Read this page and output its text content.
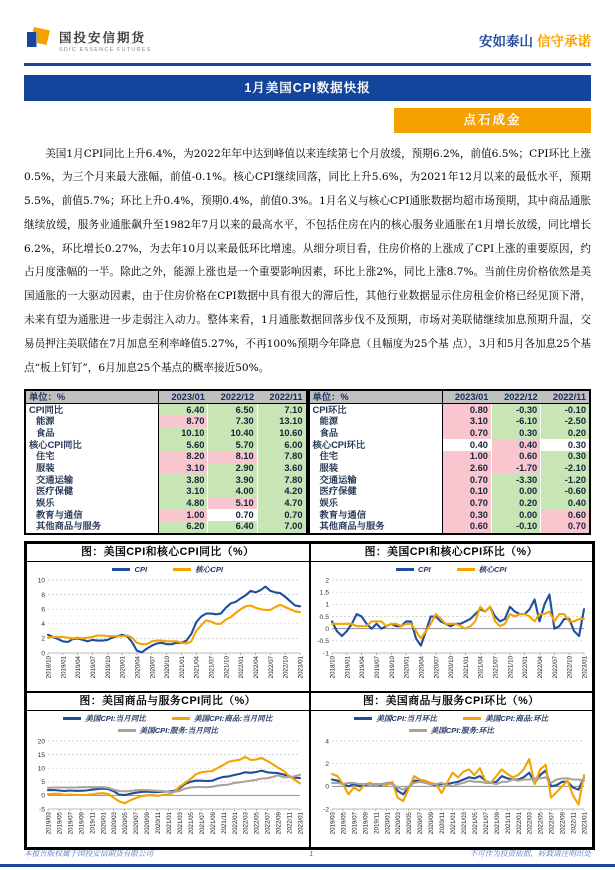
国投安信期货
SDIC ESSENCE FUTURES
安如泰山 信守承诺
1月美国CPI数据快报
点石成金

美国1月CPI同比上升6.4%，为2022年年中达到峰值以来连续第七个月放缓，预期6.2%，前值6.5%；CPI环比上涨0.5%，为三个月来最大涨幅，前值-0.1%。核心CPI继续回落，同比上升5.6%，为2021年12月以来的最低水平，预期5.5%，前值5.7%；环比上升0.4%，预期0.4%，前值0.3%。1月名义与核心CPI通胀数据均超市场预期，其中商品通胀继续放缓，服务业通胀飙升至1982年7月以来的最高水平，不包括住房在内的核心服务业通胀在1月增长放缓，同比增长6.2%，环比增长0.27%，为去年10月以来最低环比增速。从细分项目看，住房价格的上涨成了CPI上涨的重要原因，约占月度涨幅的一半。除此之外，能源上涨也是一个重要影响因素，环比上涨2%，同比上涨8.7%。当前住房价格依然是美国通胀的一大驱动因素，由于住房价格在CPI数据中具有很大的滞后性，其他行业数据显示住房租金价格已经见顶下滑，未来有望为通胀进一步走弱注入动力。整体来看，1月通胀数据回落步伐不及预期，市场对美联储继续加息预期升温，交易员押注美联储在7月加息至利率峰值5.27%，不再100%预期今年降息（且幅度为25个基 点），3月和5月各加息25个基点“板上钉钉”，6月加息25个基点的概率接近50%。

单位：%	2023/01	2022/12	2022/11
CPI同比	6.40	6.50	7.10
能源	8.70	7.30	13.10
食品	10.10	10.40	10.60
核心CPI同比	5.60	5.70	6.00
住宅	8.20	8.10	7.80
服装	3.10	2.90	3.60
交通运输	3.80	3.90	7.80
医疗保健	3.10	4.00	4.20
娱乐	4.80	5.10	4.70
教育与通信	1.00	0.70	0.70
其他商品与服务	6.20	6.40	7.00
单位：%	2023/01	2022/12	2022/11
CPI环比	0.80	-0.30	-0.10
能源	3.10	-6.10	-2.50
食品	0.70	0.30	0.20
核心CPI环比	0.40	0.40	0.30
住宅	1.00	0.60	0.30
服装	2.60	-1.70	-2.10
交通运输	0.70	-3.30	-1.20
医疗保健	0.10	0.00	-0.60
娱乐	0.70	0.20	0.40
教育与通信	0.30	0.00	0.60
其他商品与服务	0.60	-0.10	0.70
图：美国CPI和核心CPI同比（%）
CPI	核心CPI
0
2
4
6
8
10
2018/10 2019/01 2019/04 2019/07 2019/10 2020/01 2020/04 2020/07 2020/10 2021/01 2021/04 2021/07 2021/10 2022/01 2022/04 2022/07 2022/10 2023/01
图：美国CPI和核心CPI环比（%）
CPI	核心CPI
-1
-0.5
0
0.5
1
1.5
2
2018/10 2019/01 2019/04 2019/07 2019/10 2020/01 2020/04 2020/07 2020/10 2021/01 2021/04 2021/07 2021/10 2022/01 2022/04 2022/07 2022/10 2023/01
图：美国商品与服务CPI同比（%）
美国CPI:当月同比	美国CPI:商品:当月同比
美国CPI:服务:当月同比
-5
0
5
10
15
20
2019/03 2019/05 2019/07 2019/09 2019/11 2020/01 2020/03 2020/05 2020/07 2020/09 2020/11 2021/01 2021/03 2021/05 2021/07 2021/09 2021/11 2022/01 2022/03 2022/05 2022/07 2022/09 2022/11 2023/01
图：美国商品与服务CPI环比（%）
美国CPI:当月环比	美国CPI:商品:环比
美国CPI:服务:环比
-2
0
2
4
2019/03 2019/05 2019/07 2019/09 2019/11 2020/01 2020/03 2020/05 2020/07 2020/09 2020/11 2021/01 2021/03 2021/05 2021/07 2021/09 2021/11 2022/01 2022/03 2022/05 2022/07 2022/09 2022/11 2023/01
本报告版权属于国投安信期货有限公司	1	不可作为投资依据，转载请注明出处
